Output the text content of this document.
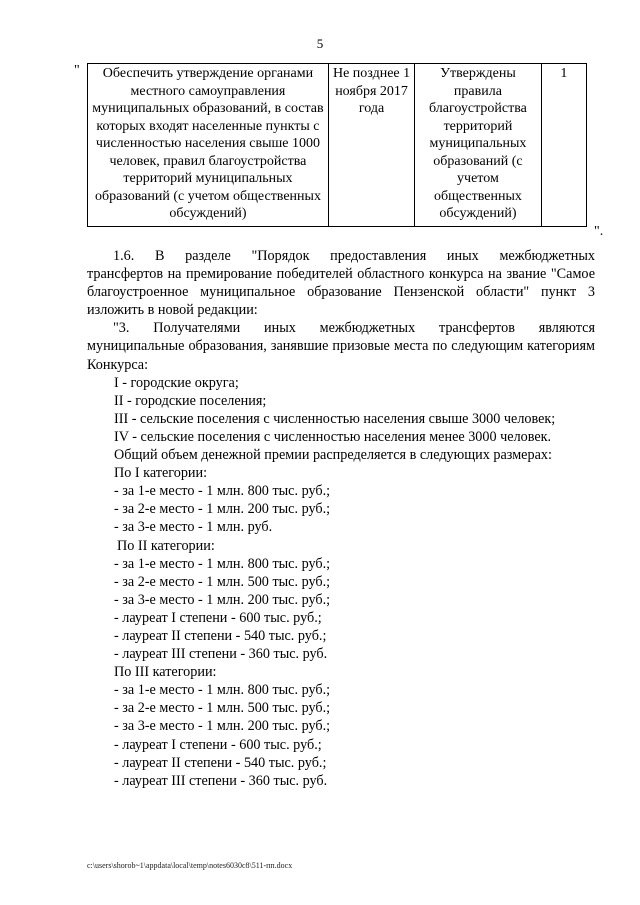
5
" Обеспечить утверждение органами местного самоуправления муниципальных образований, в состав которых входят населенные пункты с численностью населения свыше 1000 человек, правил благоустройства территорий муниципальных образований (с учетом общественных обсуждений)	Не позднее 1 ноября 2017 года	Утверждены правила благоустройства территорий муниципальных образований (с учетом общественных обсуждений)	1
".

1.6. В разделе "Порядок предоставления иных межбюджетных

трансфертов на премирование победителей областного конкурса на звание "Самое благоустроенное муниципальное образование Пензенской области" пункт 3 изложить в новой редакции:

"3. Получателями иных межбюджетных трансфертов являются

муниципальные образования, занявшие призовые места по следующим категориям Конкурса:

I - городские округа;

II - городские поселения;

III - сельские поселения с численностью населения свыше 3000 человек;

IV - сельские поселения с численностью населения менее 3000 человек.

Общий объем денежной премии распределяется в следующих размерах:

По I категории:

- за 1-е место - 1 млн. 800 тыс. руб.;

- за 2-е место - 1 млн. 200 тыс. руб.;

- за 3-е место - 1 млн. руб.

По II категории:

- за 1-е место - 1 млн. 800 тыс. руб.;

- за 2-е место - 1 млн. 500 тыс. руб.;

- за 3-е место - 1 млн. 200 тыс. руб.;

- лауреат I степени - 600 тыс. руб.;

- лауреат II степени - 540 тыс. руб.;

- лауреат III степени - 360 тыс. руб.

По III категории:

- за 1-е место - 1 млн. 800 тыс. руб.;

- за 2-е место - 1 млн. 500 тыс. руб.;

- за 3-е место - 1 млн. 200 тыс. руб.;

- лауреат I степени - 600 тыс. руб.;

- лауреат II степени - 540 тыс. руб.;

- лауреат III степени - 360 тыс. руб.

c:\users\shorob~1\appdata\local\temp\notes6030c8\511-пп.docx
